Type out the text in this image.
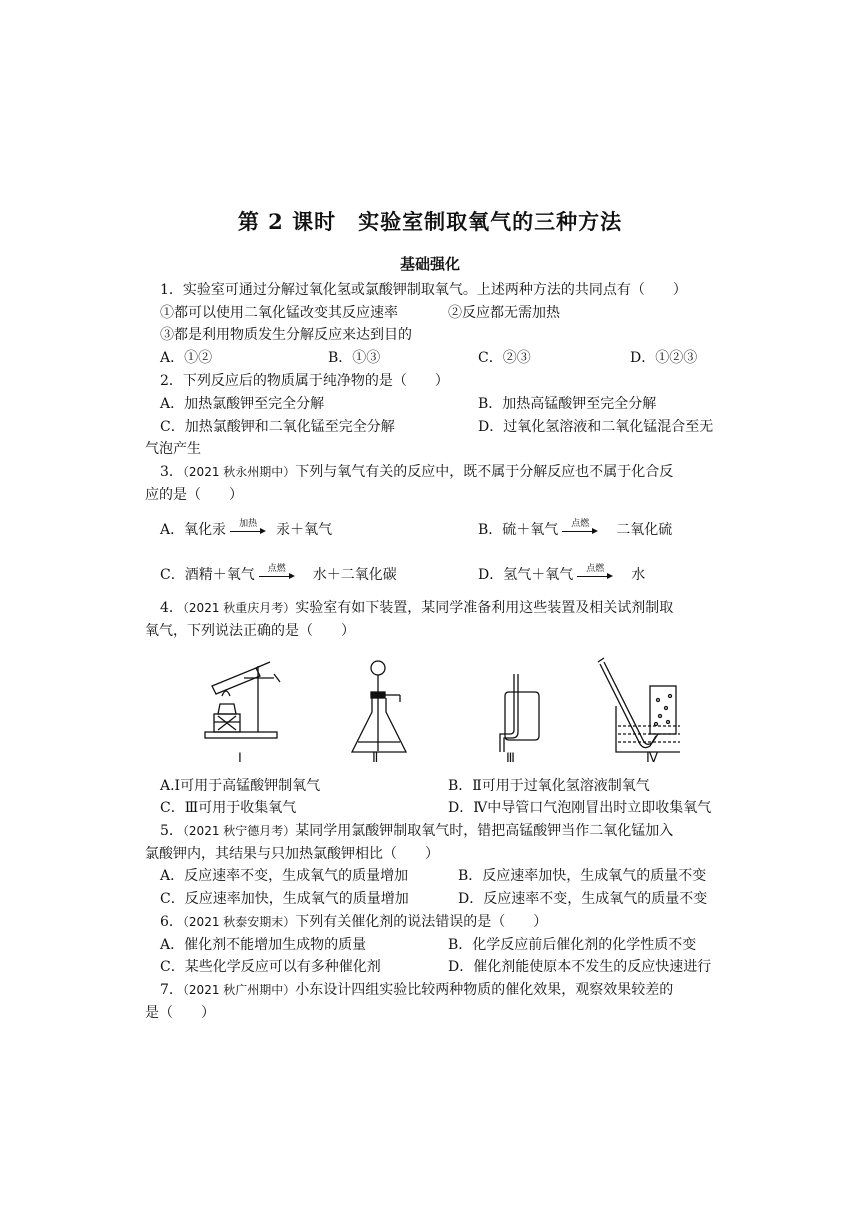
第 2 课时　实验室制取氧气的三种方法
基础强化
1．实验室可通过分解过氧化氢或氯酸钾制取氧气。上述两种方法的共同点有（　　）
①都可以使用二氧化锰改变其反应速率	②反应都无需加热
③都是利用物质发生分解反应来达到目的
A．①②	B．①③	C．②③	D．①②③
2．下列反应后的物质属于纯净物的是（　　）
A．加热氯酸钾至完全分解	B．加热高锰酸钾至完全分解
C．加热氯酸钾和二氧化锰至完全分解	D．过氧化氢溶液和二氧化锰混合至无
气泡产生
3．（2021 秋永州期中）下列与氧气有关的反应中，既不属于分解反应也不属于化合反
应的是（　　）
A．氧化汞	加热	汞＋氧气	B．硫＋氧气	点燃	二氧化硫
C．酒精＋氧气	点燃	水＋二氧化碳	D．氢气＋氧气	点燃	水
4．（2021 秋重庆月考）实验室有如下装置，某同学准备利用这些装置及相关试剂制取
氧气，下列说法正确的是（　　）
Ⅰ	Ⅱ	Ⅲ	Ⅳ
A.Ⅰ可用于高锰酸钾制氧气	B．Ⅱ可用于过氧化氢溶液制氧气
C．Ⅲ可用于收集氧气	D．Ⅳ中导管口气泡刚冒出时立即收集氧气
5．（2021 秋宁德月考）某同学用氯酸钾制取氧气时，错把高锰酸钾当作二氧化锰加入
氯酸钾内，其结果与只加热氯酸钾相比（　　）
A．反应速率不变，生成氧气的质量增加	B．反应速率加快，生成氧气的质量不变
C．反应速率加快，生成氧气的质量增加	D．反应速率不变，生成氧气的质量不变
6．（2021 秋泰安期末）下列有关催化剂的说法错误的是（　　）
A．催化剂不能增加生成物的质量	B．化学反应前后催化剂的化学性质不变
C．某些化学反应可以有多种催化剂	D．催化剂能使原本不发生的反应快速进行
7．（2021 秋广州期中）小东设计四组实验比较两种物质的催化效果，观察效果较差的
是（　　）
